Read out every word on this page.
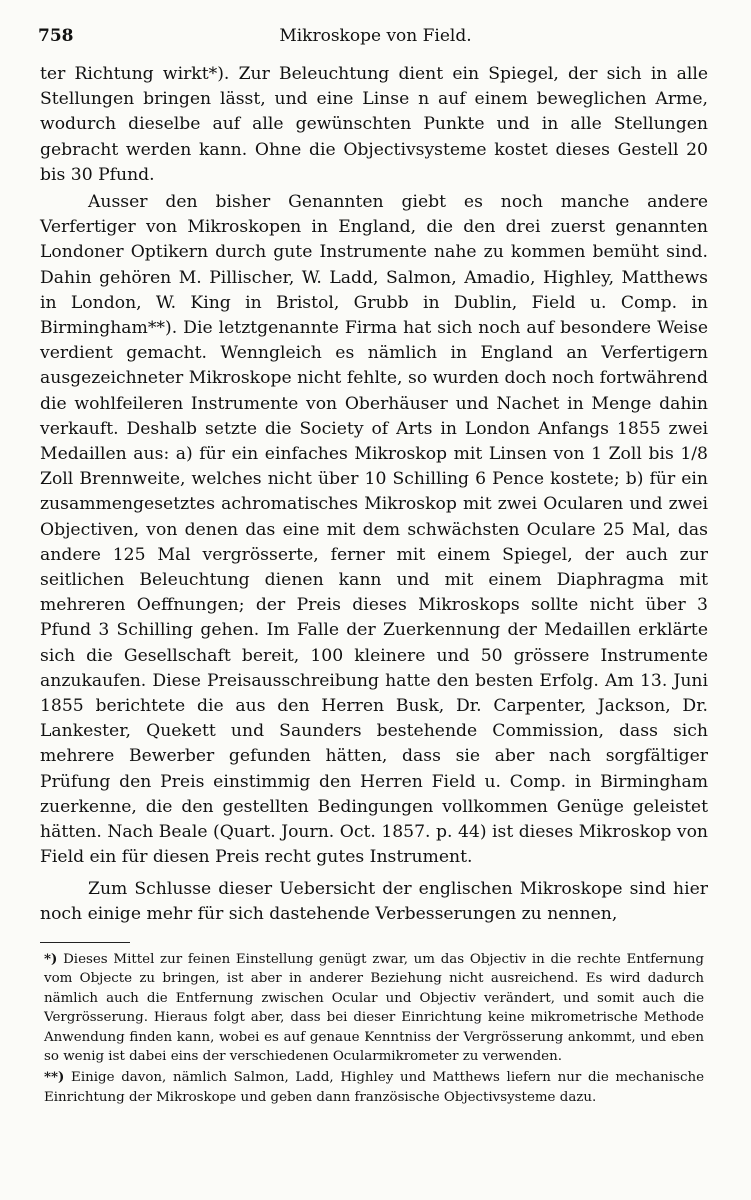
758	Mikroskope von Field.

ter Richtung wirkt*). Zur Beleuchtung dient ein Spiegel, der sich in alle Stellungen bringen lässt, und eine Linse n auf einem beweglichen Arme, wodurch dieselbe auf alle gewünschten Punkte und in alle Stellungen gebracht werden kann. Ohne die Objectivsysteme kostet dieses Gestell 20 bis 30 Pfund.

Ausser den bisher Genannten giebt es noch manche andere Verfertiger von Mikroskopen in England, die den drei zuerst genannten Londoner Optikern durch gute Instrumente nahe zu kommen bemüht sind. Dahin gehören M. Pillischer, W. Ladd, Salmon, Amadio, Highley, Matthews in London, W. King in Bristol, Grubb in Dublin, Field u. Comp. in Birmingham**). Die letztgenannte Firma hat sich noch auf besondere Weise verdient gemacht. Wenngleich es nämlich in England an Verfertigern ausgezeichneter Mikroskope nicht fehlte, so wurden doch noch fortwährend die wohlfeileren Instrumente von Oberhäuser und Nachet in Menge dahin verkauft. Deshalb setzte die Society of Arts in London Anfangs 1855 zwei Medaillen aus: a) für ein einfaches Mikroskop mit Linsen von 1 Zoll bis 1/8 Zoll Brennweite, welches nicht über 10 Schilling 6 Pence kostete; b) für ein zusammengesetztes achromatisches Mikroskop mit zwei Ocularen und zwei Objectiven, von denen das eine mit dem schwächsten Oculare 25 Mal, das andere 125 Mal vergrösserte, ferner mit einem Spiegel, der auch zur seitlichen Beleuchtung dienen kann und mit einem Diaphragma mit mehreren Oeffnungen; der Preis dieses Mikroskops sollte nicht über 3 Pfund 3 Schilling gehen. Im Falle der Zuerkennung der Medaillen erklärte sich die Gesellschaft bereit, 100 kleinere und 50 grössere Instrumente anzukaufen. Diese Preisausschreibung hatte den besten Erfolg. Am 13. Juni 1855 berichtete die aus den Herren Busk, Dr. Carpenter, Jackson, Dr. Lankester, Quekett und Saunders bestehende Commission, dass sich mehrere Bewerber gefunden hätten, dass sie aber nach sorgfältiger Prüfung den Preis einstimmig den Herren Field u. Comp. in Birmingham zuerkenne, die den gestellten Bedingungen vollkommen Genüge geleistet hätten. Nach Beale (Quart. Journ. Oct. 1857. p. 44) ist dieses Mikroskop von Field ein für diesen Preis recht gutes Instrument.

Zum Schlusse dieser Uebersicht der englischen Mikroskope sind hier noch einige mehr für sich dastehende Verbesserungen zu nennen,

*) Dieses Mittel zur feinen Einstellung genügt zwar, um das Objectiv in die rechte Entfernung vom Objecte zu bringen, ist aber in anderer Beziehung nicht ausreichend. Es wird dadurch nämlich auch die Entfernung zwischen Ocular und Objectiv verändert, und somit auch die Vergrösserung. Hieraus folgt aber, dass bei dieser Einrichtung keine mikrometrische Methode Anwendung finden kann, wobei es auf genaue Kenntniss der Vergrösserung ankommt, und eben so wenig ist dabei eins der verschiedenen Ocularmikrometer zu verwenden.

**) Einige davon, nämlich Salmon, Ladd, Highley und Matthews liefern nur die mechanische Einrichtung der Mikroskope und geben dann französische Objectivsysteme dazu.
